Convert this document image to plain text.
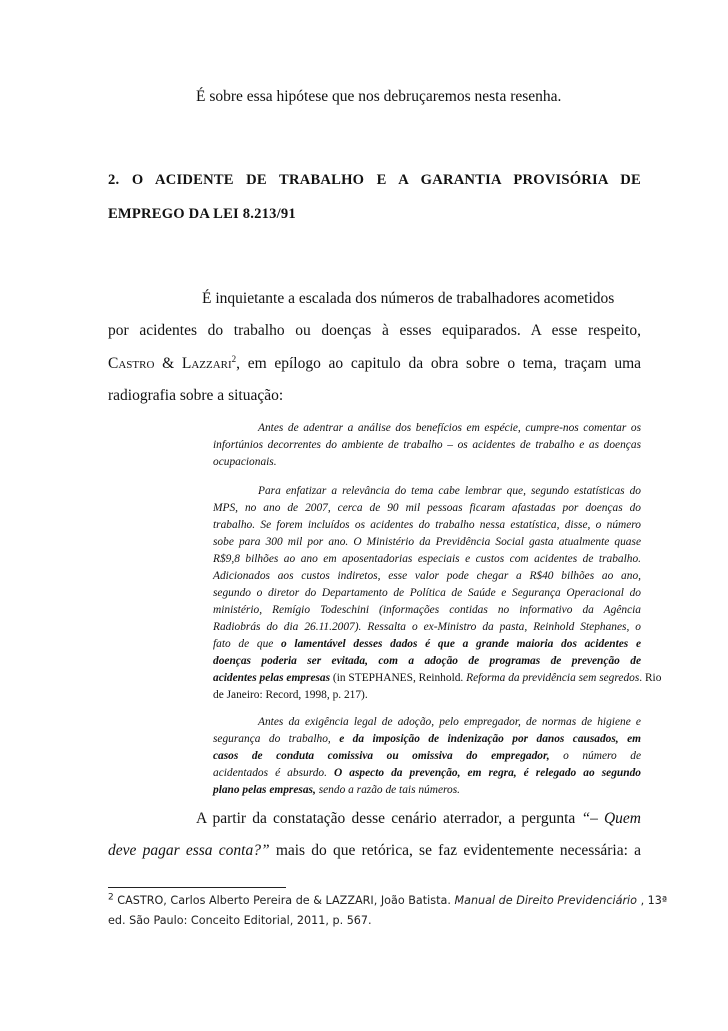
É sobre essa hipótese que nos debruçaremos nesta resenha.
2. O ACIDENTE DE TRABALHO E A GARANTIA PROVISÓRIA DE
EMPREGO DA LEI 8.213/91
É inquietante a escalada dos números de trabalhadores acometidos
por  acidentes  do  trabalho  ou  doenças  à  esses  equiparados.  A  esse  respeito,
CASTRO & LAZZARI$^2$, em epílogo ao capitulo da obra sobre o tema, traçam uma
radiografia sobre a situação:
Antes de adentrar a análise dos benefícios em espécie, cumpre-nos comentar os
infortúnios decorrentes do ambiente de trabalho – os acidentes de trabalho e as doenças
ocupacionais.
Para enfatizar a relevância do tema cabe lembrar que, segundo estatísticas do
MPS, no ano de 2007, cerca de 90 mil pessoas ficaram afastadas por doenças do
trabalho. Se forem incluídos os acidentes do trabalho nessa estatística, disse, o número
sobe para 300 mil por ano. O Ministério da Previdência Social gasta atualmente quase
R$9,8 bilhões ao ano em aposentadorias especiais e custos com acidentes de trabalho.
Adicionados aos custos indiretos, esse valor pode chegar a R$40 bilhões ao ano,
segundo o diretor do Departamento de Política de Saúde e Segurança Operacional do
ministério, Remígio Todeschini (informações contidas no informativo da Agência
Radiobrás do dia 26.11.2007). Ressalta o ex-Ministro da pasta, Reinhold Stephanes, o
fato de que o lamentável desses dados é que a grande maioria dos acidentes e
doenças poderia ser evitada, com a adoção de programas de prevenção de
acidentes pelas empresas (in STEPHANES, Reinhold. Reforma da previdência sem segredos. Rio
de Janeiro: Record, 1998, p. 217).
Antes da exigência legal de adoção, pelo empregador, de normas de higiene e
segurança do trabalho, e da imposição de indenização por danos causados, em
casos de conduta comissiva ou omissiva do empregador, o número de
acidentados é absurdo. O aspecto da prevenção, em regra, é relegado ao segundo
plano pelas empresas, sendo a razão de tais números.
A partir da constatação desse cenário aterrador, a pergunta “– Quem
deve pagar essa conta?” mais do que retórica, se faz evidentemente necessária: a
$^2$ CASTRO, Carlos Alberto Pereira de & LAZZARI, João Batista. Manual de Direito Previdenciário , 13ª
ed. São Paulo: Conceito Editorial, 2011, p. 567.
